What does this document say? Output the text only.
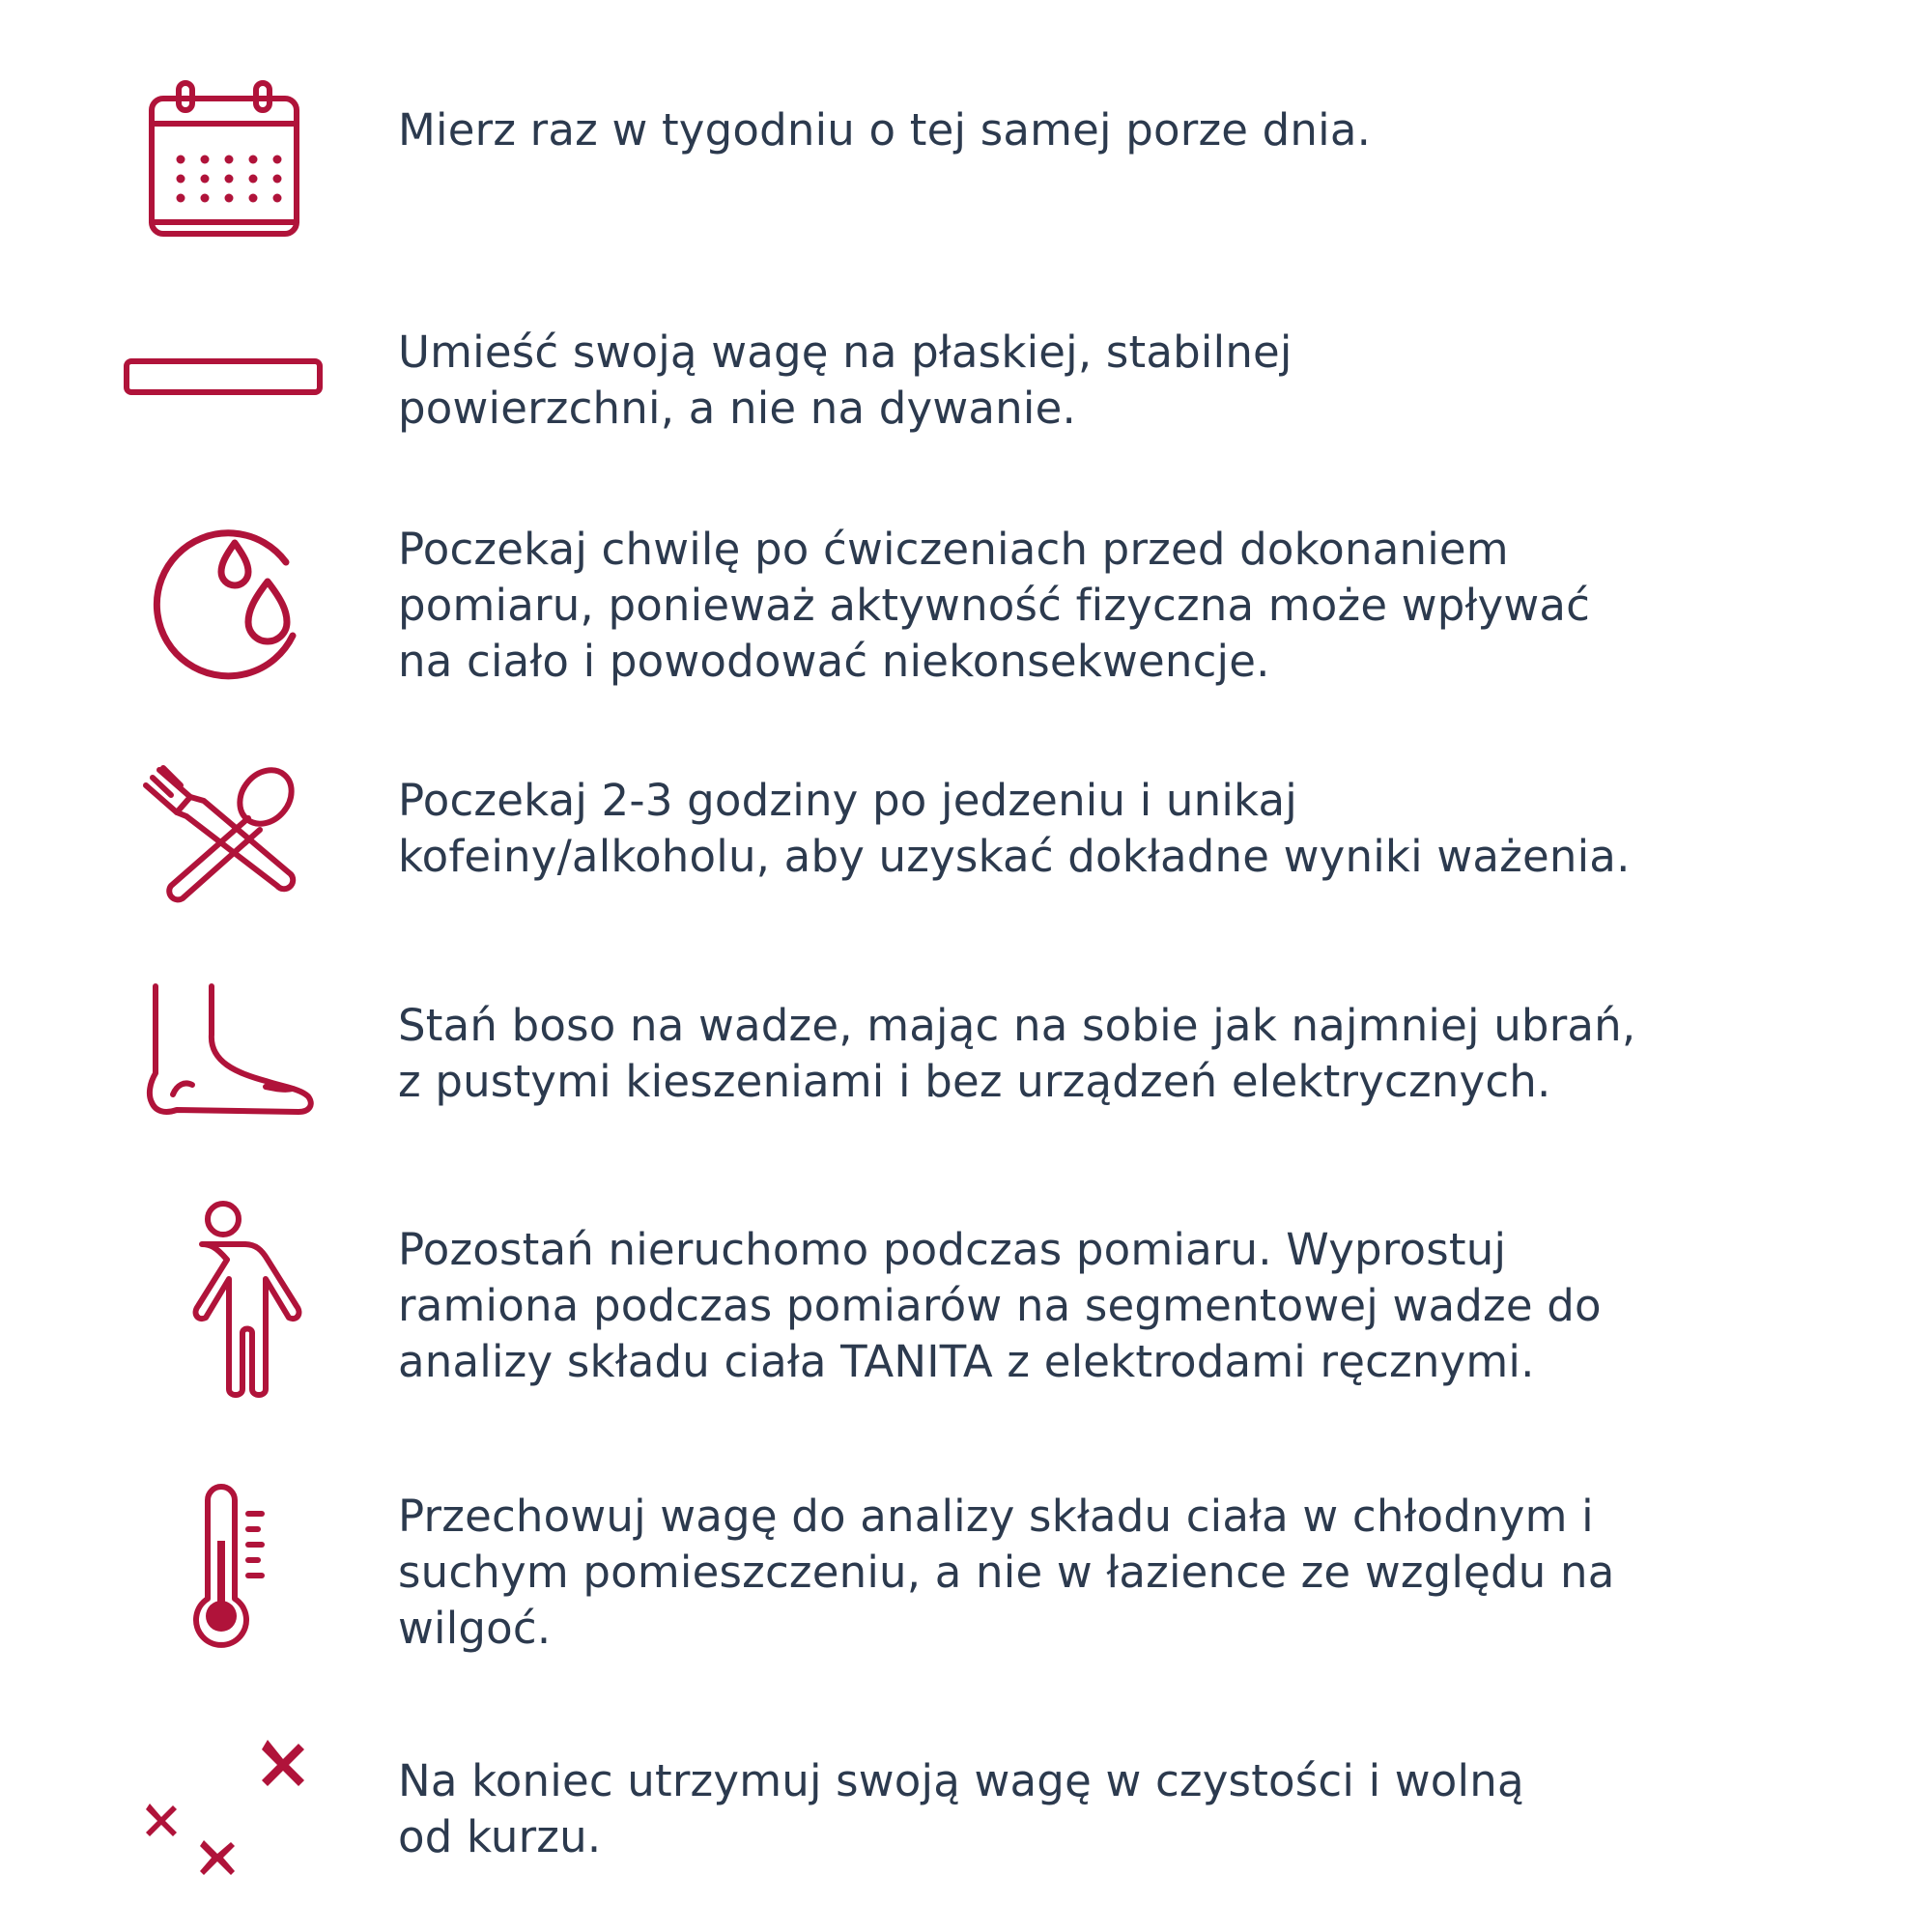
Mierz raz w tygodniu o tej samej porze dnia.

Umieść swoją wagę na płaskiej, stabilnej
powierzchni, a nie na dywanie.

Poczekaj chwilę po ćwiczeniach przed dokonaniem
pomiaru, ponieważ aktywność fizyczna może wpływać
na ciało i powodować niekonsekwencje.

Poczekaj 2-3 godziny po jedzeniu i unikaj
kofeiny/alkoholu, aby uzyskać dokładne wyniki ważenia.

Stań boso na wadze, mając na sobie jak najmniej ubrań,
z pustymi kieszeniami i bez urządzeń elektrycznych.

Pozostań nieruchomo podczas pomiaru. Wyprostuj
ramiona podczas pomiarów na segmentowej wadze do
analizy składu ciała TANITA z elektrodami ręcznymi.

Przechowuj wagę do analizy składu ciała w chłodnym i
suchym pomieszczeniu, a nie w łazience ze względu na
wilgoć.

Na koniec utrzymuj swoją wagę w czystości i wolną
od kurzu.
